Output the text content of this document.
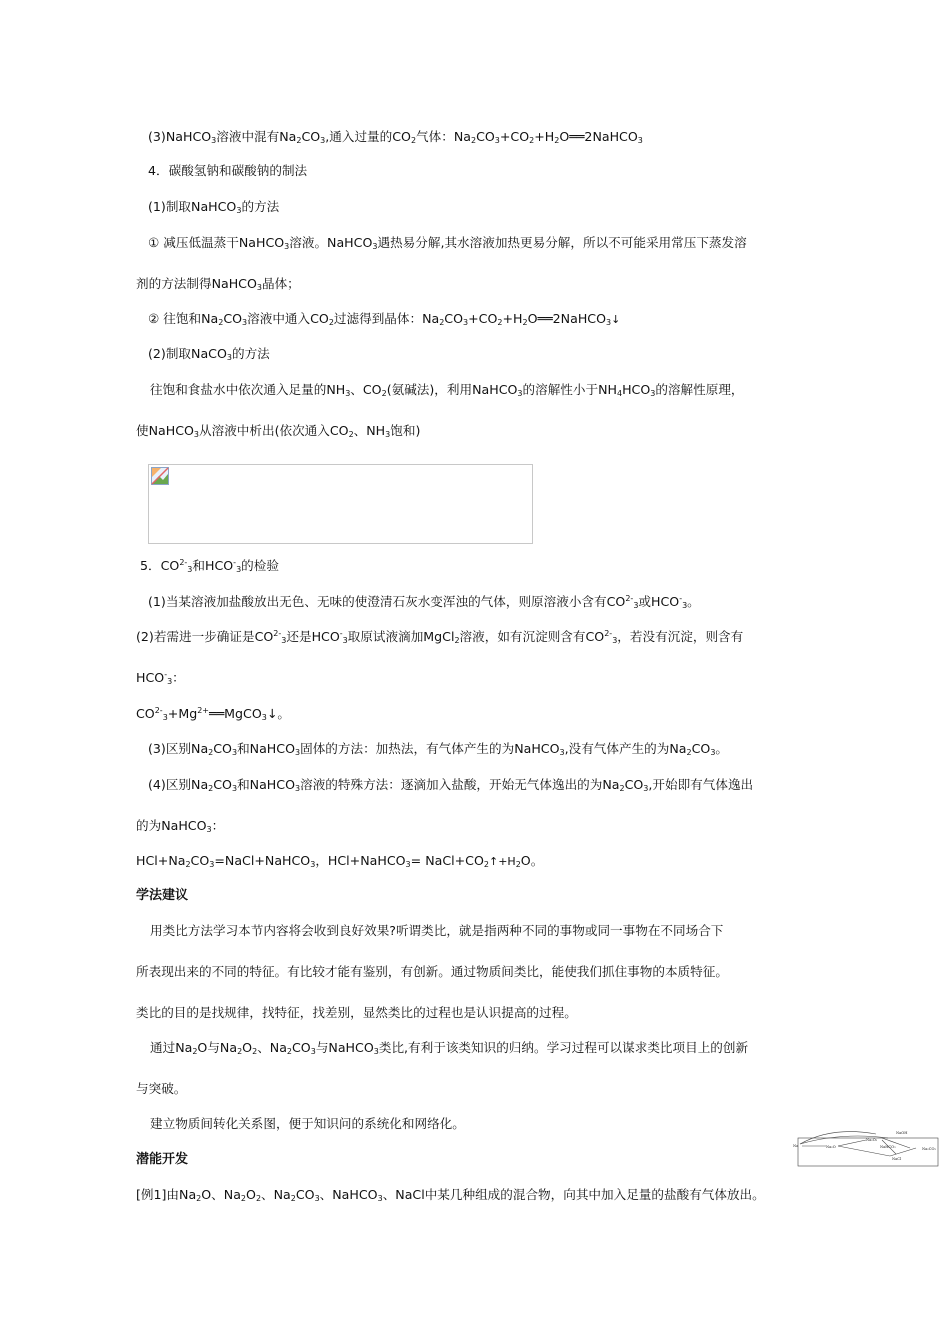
(3)NaHCO$_3$溶液中混有$Na_2CO_3$,通入过量的$CO_2$气体：$Na_2CO_3+CO_2+H_2O══2NaHCO_3$
4．碳酸氢钠和碳酸钠的制法
(1)制取NaHCO$_3$的方法
① 减压低温蒸干NaHCO$_3$溶液。NaHCO$_3$遇热易分解,其水溶液加热更易分解，所以不可能采用常压下蒸发溶
剂的方法制得NaHCO$_3$晶体；
② 往饱和$Na_2CO_3$溶液中通入$CO_2$过滤得到晶体：$Na_2CO_3+CO_2+H_2O══2NaHCO_3↓$
(2)制取NaCO$_3$的方法
往饱和食盐水中依次通入足量的$NH_3$、$CO_2$(氨碱法)，利用NaHCO$_3$的溶解性小于$NH_4HCO_3$的溶解性原理，
使NaHCO$_3$从溶液中析出(依次通入$CO_2$、$NH_3$饱和)
5．$CO^{2-}_3$和$HCO^-_3$的检验
(1)当某溶液加盐酸放出无色、无味的使澄清石灰水变浑浊的气体，则原溶液小含有$CO^{2-}_3$或$HCO^-_3$。
(2)若需进一步确证是$CO^{2-}_3$还是$HCO^-_3$取原试液滴加MgCl$_2$溶液，如有沉淀则含有$CO^{2-}_3$，若没有沉淀，则含有
$HCO^-_3$：
$CO^{2-}_3+Mg^{2+}══MgCO_3↓$。
(3)区别$Na_2CO_3$和NaHCO$_3$固体的方法：加热法，有气体产生的为NaHCO$_3$,没有气体产生的为$Na_2CO_3$。
(4)区别$Na_2CO_3$和NaHCO$_3$溶液的特殊方法：逐滴加入盐酸，开始无气体逸出的为$Na_2CO_3$,开始即有气体逸出
的为NaHCO$_3$：
$HCl+Na_2CO_3=NaCl+NaHCO_3$，HCl+NaHCO$_3$= $NaCl+CO_2↑+H_2O$。
学法建议
用类比方法学习本节内容将会收到良好效果?听谓类比，就是指两种不同的事物或同一事物在不同场合下
所表现出来的不同的特征。有比较才能有鉴别，有创新。通过物质间类比，能使我们抓住事物的本质特征。
类比的目的是找规律，找特征，找差别，显然类比的过程也是认识提高的过程。
通过$Na_2O$与$Na_2O_2$、$Na_2CO_3$与NaHCO$_3$类比,有利于该类知识的归纳。学习过程可以谋求类比项目上的创新
与突破。
建立物质间转化关系图，便于知识问的系统化和网络化。
潜能开发
[例1]由$Na_2O$、$Na_2O_2$、$Na_2CO_3$、NaHCO$_3$、NaCl中某几种组成的混合物，向其中加入足量的盐酸有气体放出。
Na	Na₂O
Na₂O₂
NaOH
NaHCO₃	Na₂CO₃
NaCl
